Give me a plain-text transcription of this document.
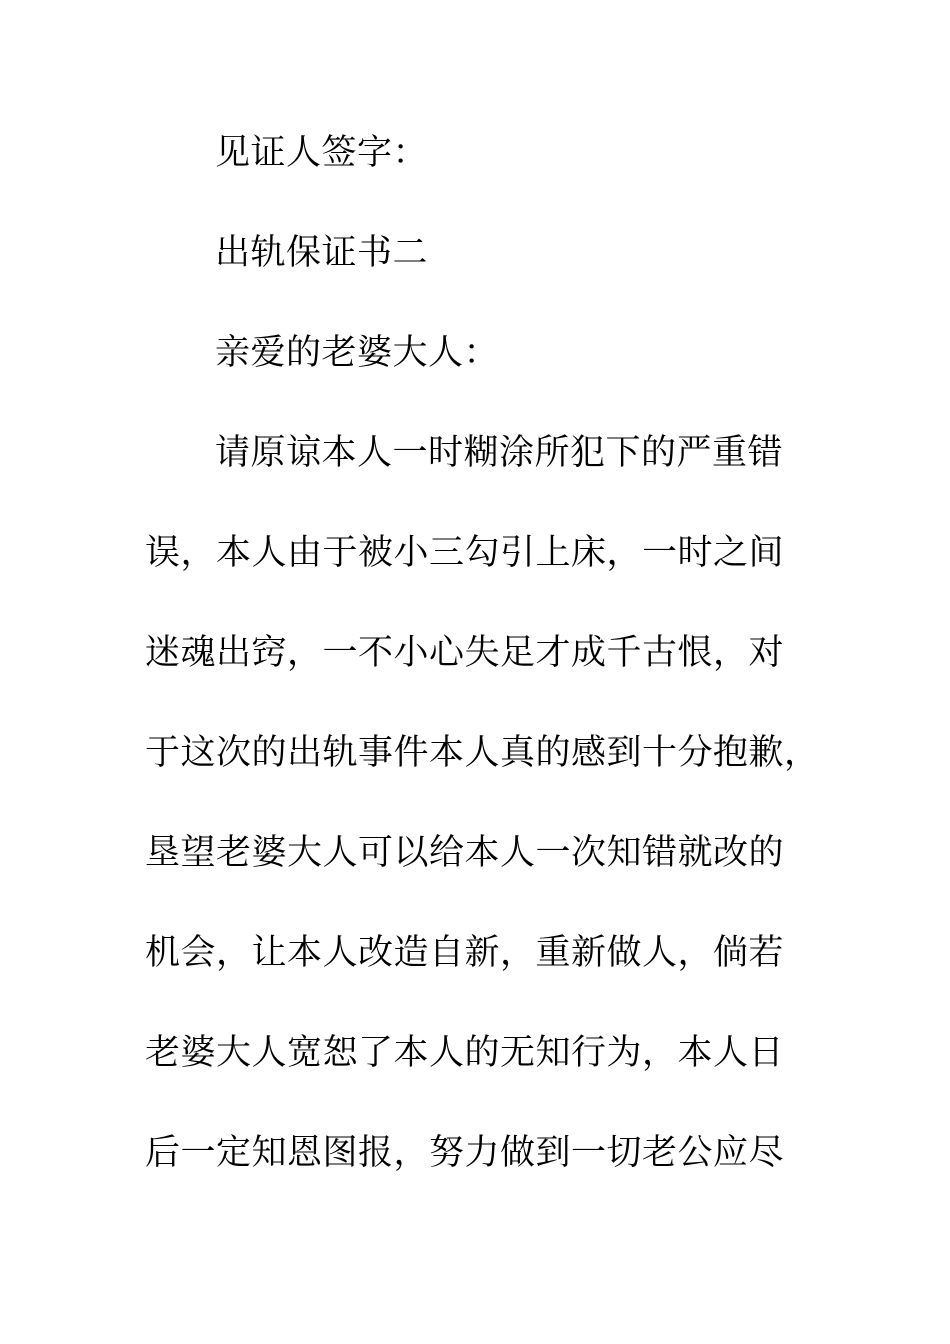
见证人签字：
出轨保证书二
亲爱的老婆大人：
请原谅本人一时糊涂所犯下的严重错
误，本人由于被小三勾引上床，一时之间
迷魂出窍，一不小心失足才成千古恨，对
于这次的出轨事件本人真的感到十分抱歉，
垦望老婆大人可以给本人一次知错就改的
机会，让本人改造自新，重新做人，倘若
老婆大人宽恕了本人的无知行为，本人日
后一定知恩图报，努力做到一切老公应尽
